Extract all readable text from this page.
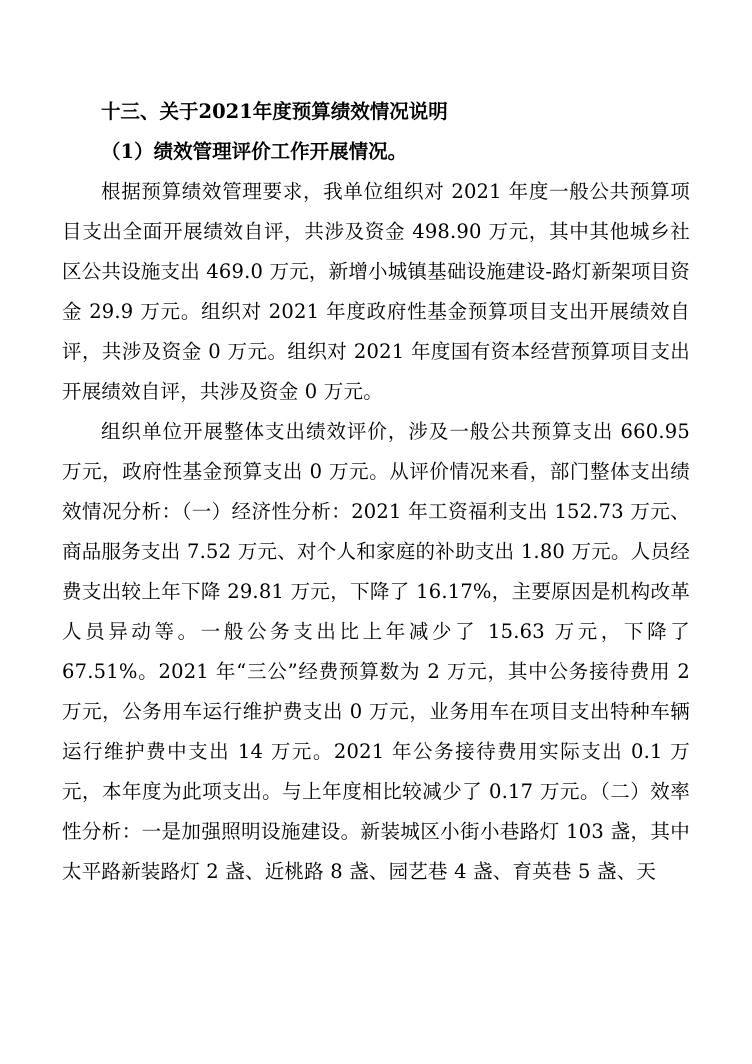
十三、关于2021年度预算绩效情况说明
（1）绩效管理评价工作开展情况。

根据预算绩效管理要求，我单位组织对 2021 年度一般公共预算项目支出全面开展绩效自评，共涉及资金 498.90 万元，其中其他城乡社区公共设施支出 469.0 万元，新增小城镇基础设施建设-路灯新架项目资金 29.9 万元。组织对 2021 年度政府性基金预算项目支出开展绩效自评，共涉及资金 0 万元。组织对 2021 年度国有资本经营预算项目支出开展绩效自评，共涉及资金 0 万元。

组织单位开展整体支出绩效评价，涉及一般公共预算支出 660.95 万元，政府性基金预算支出 0 万元。从评价情况来看，部门整体支出绩效情况分析：（一）经济性分析：2021 年工资福利支出 152.73 万元、商品服务支出 7.52 万元、对个人和家庭的补助支出 1.80 万元。人员经费支出较上年下降 29.81 万元，下降了 16.17%，主要原因是机构改革人员异动等。一般公务支出比上年减少了 15.63 万元，下降了 67.51%。2021 年“三公”经费预算数为 2 万元，其中公务接待费用 2 万元，公务用车运行维护费支出 0 万元，业务用车在项目支出特种车辆运行维护费中支出 14 万元。2021 年公务接待费用实际支出 0.1 万元，本年度为此项支出。与上年度相比较减少了 0.17 万元。（二）效率性分析：一是加强照明设施建设。新装城区小街小巷路灯 103 盏，其中太平路新装路灯 2 盏、近桃路 8 盏、园艺巷 4 盏、育英巷 5 盏、天
